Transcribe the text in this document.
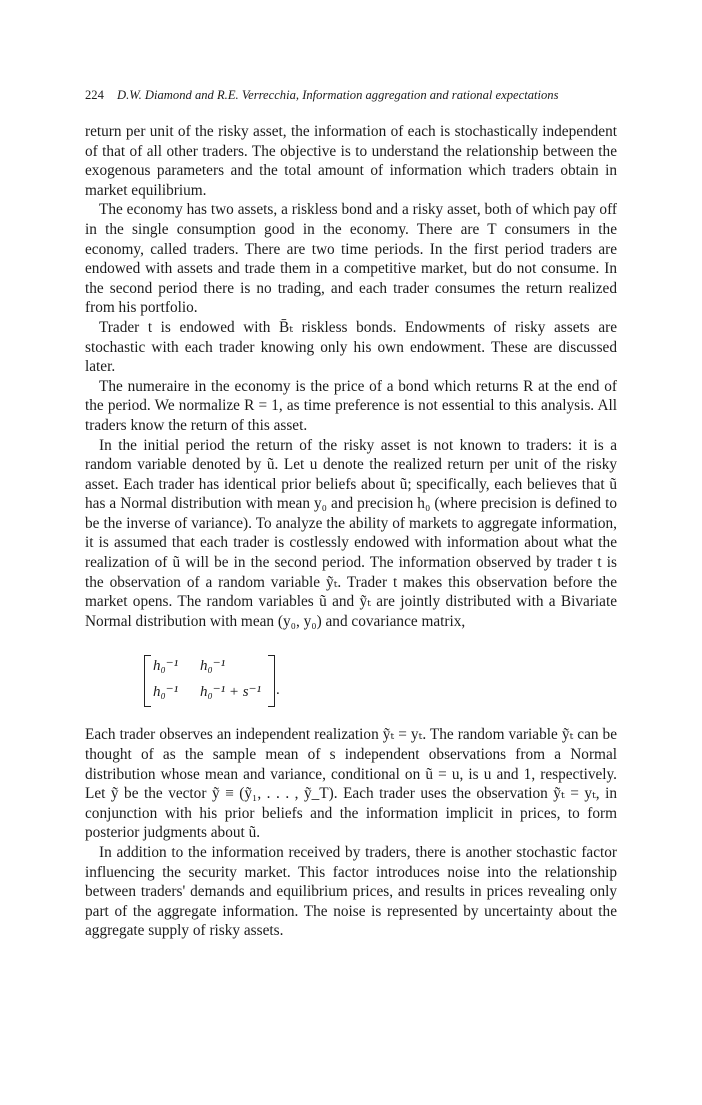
224 D.W. Diamond and R.E. Verrecchia, Information aggregation and rational expectations

return per unit of the risky asset, the information of each is stochastically independent of that of all other traders. The objective is to understand the relationship between the exogenous parameters and the total amount of information which traders obtain in market equilibrium.

The economy has two assets, a riskless bond and a risky asset, both of which pay off in the single consumption good in the economy. There are T consumers in the economy, called traders. There are two time periods. In the first period traders are endowed with assets and trade them in a competitive market, but do not consume. In the second period there is no trading, and each trader consumes the return realized from his portfolio.

Trader t is endowed with B̄ₜ riskless bonds. Endowments of risky assets are stochastic with each trader knowing only his own endowment. These are discussed later.

The numeraire in the economy is the price of a bond which returns R at the end of the period. We normalize R = 1, as time preference is not essential to this analysis. All traders know the return of this asset.

In the initial period the return of the risky asset is not known to traders: it is a random variable denoted by ũ. Let u denote the realized return per unit of the risky asset. Each trader has identical prior beliefs about ũ; specifically, each believes that ũ has a Normal distribution with mean y₀ and precision h₀ (where precision is defined to be the inverse of variance). To analyze the ability of markets to aggregate information, it is assumed that each trader is costlessly endowed with information about what the realization of ũ will be in the second period. The information observed by trader t is the observation of a random variable ỹₜ. Trader t makes this observation before the market opens. The random variables ũ and ỹₜ are jointly distributed with a Bivariate Normal distribution with mean (y₀, y₀) and covariance matrix,

h₀⁻¹ h₀⁻¹
h₀⁻¹ h₀⁻¹ + s⁻¹ .

Each trader observes an independent realization ỹₜ = yₜ. The random variable ỹₜ can be thought of as the sample mean of s independent observations from a Normal distribution whose mean and variance, conditional on ũ = u, is u and 1, respectively. Let ỹ be the vector ỹ ≡ (ỹ₁, . . . , ỹ_T). Each trader uses the observation ỹₜ = yₜ, in conjunction with his prior beliefs and the information implicit in prices, to form posterior judgments about ũ.

In addition to the information received by traders, there is another stochastic factor influencing the security market. This factor introduces noise into the relationship between traders' demands and equilibrium prices, and results in prices revealing only part of the aggregate information. The noise is represented by uncertainty about the aggregate supply of risky assets.
